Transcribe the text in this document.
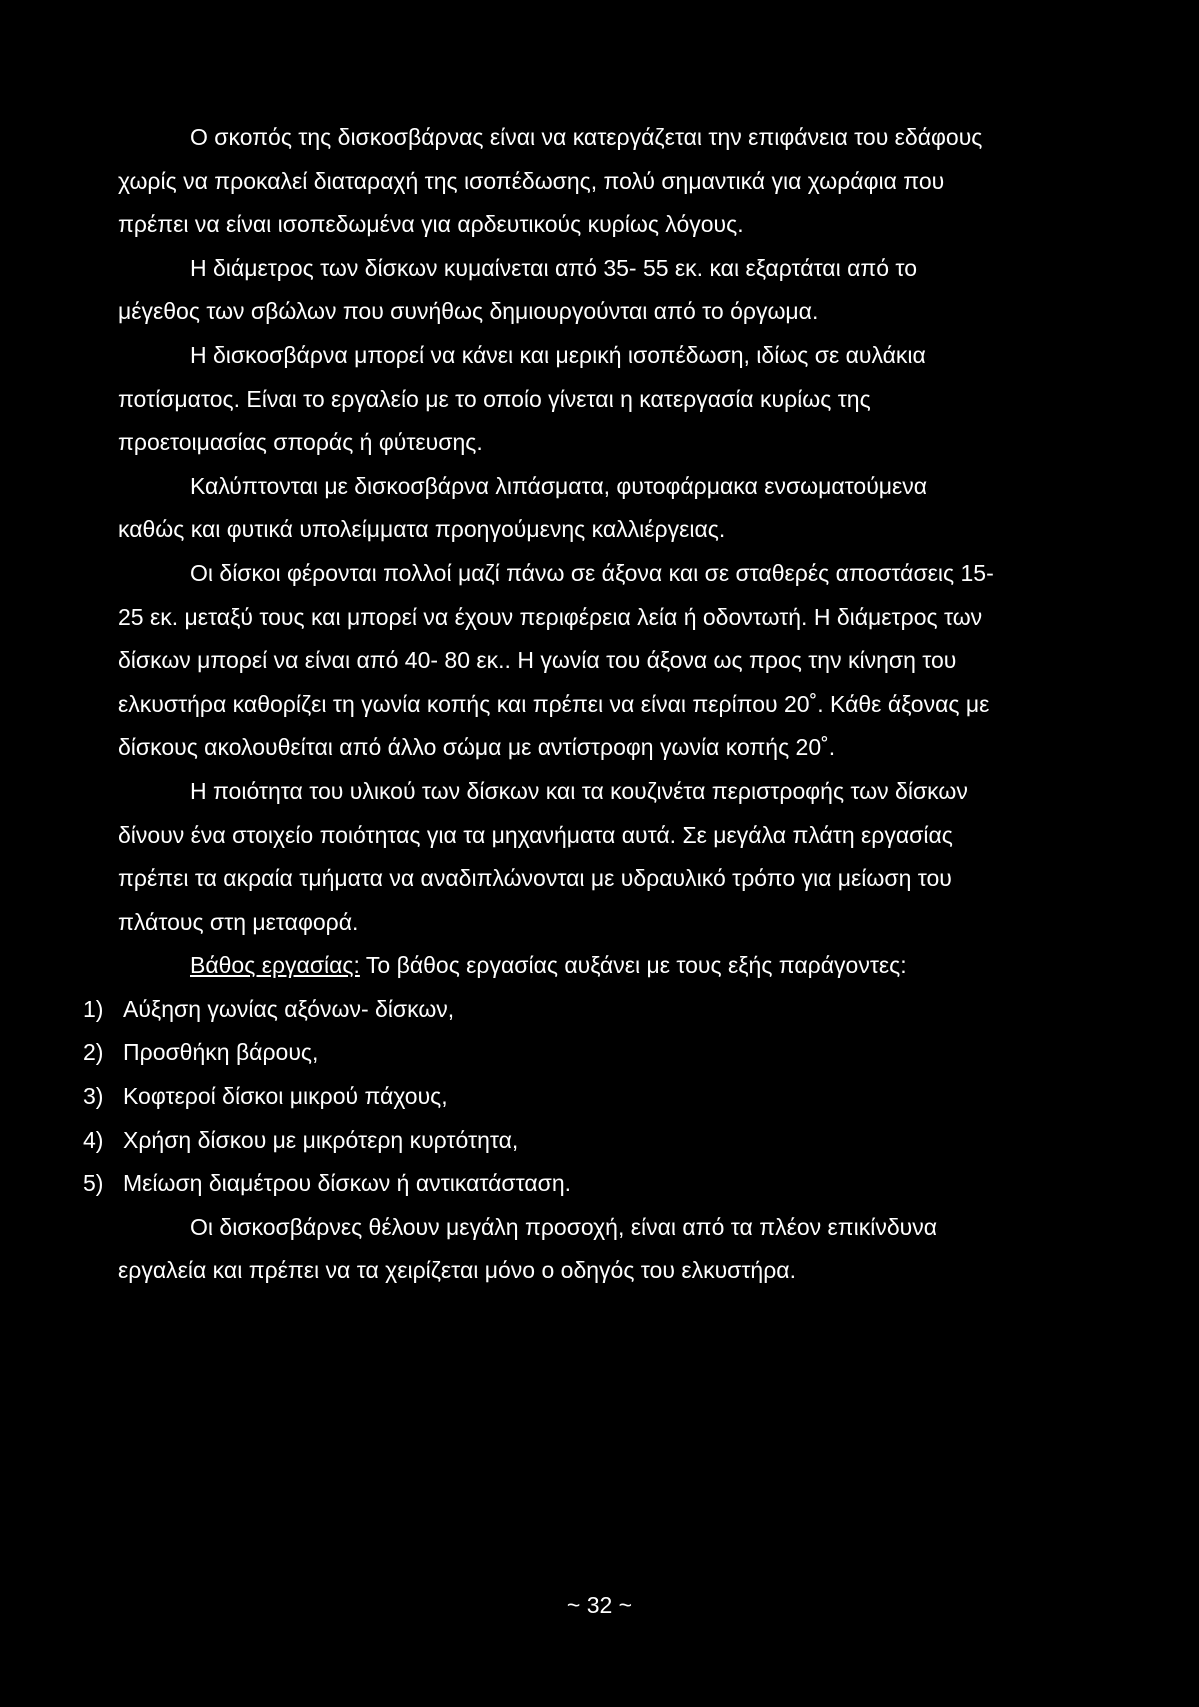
Ο σκοπός της δισκοσβάρνας είναι να κατεργάζεται την επιφάνεια του εδάφους χωρίς να προκαλεί διαταραχή της ισοπέδωσης, πολύ σημαντικά για χωράφια που πρέπει να είναι ισοπεδωμένα για αρδευτικούς κυρίως λόγους.

Η διάμετρος των δίσκων κυμαίνεται από 35- 55 εκ. και εξαρτάται από το μέγεθος των σβώλων που συνήθως δημιουργούνται από το όργωμα.

Η δισκοσβάρνα μπορεί να κάνει και μερική ισοπέδωση, ιδίως σε αυλάκια ποτίσματος. Είναι το εργαλείο με το οποίο γίνεται η κατεργασία κυρίως της προετοιμασίας σποράς ή φύτευσης.

Καλύπτονται με δισκοσβάρνα λιπάσματα, φυτοφάρμακα ενσωματούμενα καθώς και φυτικά υπολείμματα προηγούμενης καλλιέργειας.

Οι δίσκοι φέρονται πολλοί μαζί πάνω σε άξονα και σε σταθερές αποστάσεις 15- 25 εκ. μεταξύ τους και μπορεί να έχουν περιφέρεια λεία ή οδοντωτή. Η διάμετρος των δίσκων μπορεί να είναι από 40- 80 εκ.. Η γωνία του άξονα ως προς την κίνηση του ελκυστήρα καθορίζει τη γωνία κοπής και πρέπει να είναι περίπου 20˚. Κάθε άξονας με δίσκους ακολουθείται από άλλο σώμα με αντίστροφη γωνία κοπής 20˚.

Η ποιότητα του υλικού των δίσκων και τα κουζινέτα περιστροφής των δίσκων δίνουν ένα στοιχείο ποιότητας για τα μηχανήματα αυτά. Σε μεγάλα πλάτη εργασίας πρέπει τα ακραία τμήματα να αναδιπλώνονται με υδραυλικό τρόπο για μείωση του πλάτους στη μεταφορά.

Βάθος εργασίας: Το βάθος εργασίας αυξάνει με τους εξής παράγοντες:

1) Αύξηση γωνίας αξόνων- δίσκων,
2) Προσθήκη βάρους,
3) Κοφτεροί δίσκοι μικρού πάχους,
4) Χρήση δίσκου με μικρότερη κυρτότητα,
5) Μείωση διαμέτρου δίσκων ή αντικατάσταση.

Οι δισκοσβάρνες θέλουν μεγάλη προσοχή, είναι από τα πλέον επικίνδυνα εργαλεία και πρέπει να τα χειρίζεται μόνο ο οδηγός του ελκυστήρα.

~ 32 ~
